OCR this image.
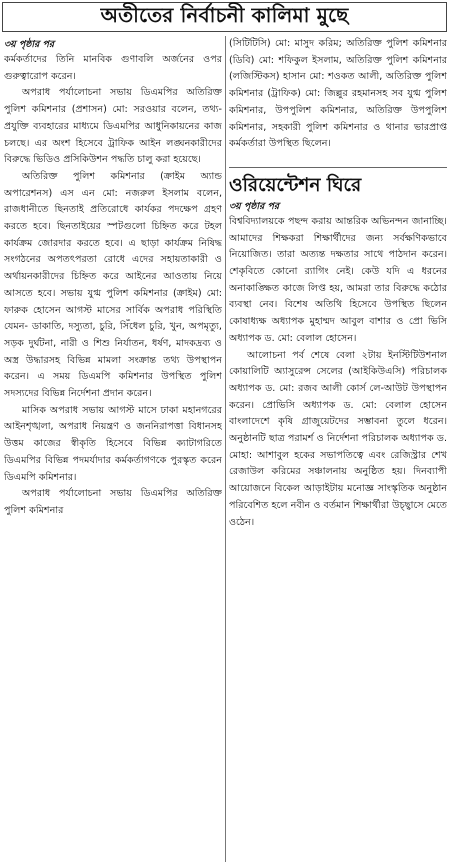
অতীতের নির্বাচনী কালিমা মুছে
৩য় পৃষ্ঠার পর

কর্মকর্তাদের তিনি মানবিক গুণাবলি অর্জনের ওপর গুরুত্বারোপ করেন।

অপরাধ পর্যালোচনা সভায় ডিএমপির অতিরিক্ত পুলিশ কমিশনার (প্রশাসন) মো: সরওয়ার বলেন, তথ্য-প্রযুক্তি ব্যবহারের মাধ্যমে ডিএমপির আধুনিকায়নের কাজ চলছে। এর অংশ হিসেবে ট্রাফিক আইন লঙ্ঘনকারীদের বিরুদ্ধে ভিডিও প্রসিকিউশন পদ্ধতি চালু করা হয়েছে।

অতিরিক্ত পুলিশ কমিশনার (ক্রাইম অ্যান্ড অপারেশনস) এস এন মো: নজরুল ইসলাম বলেন, রাজধানীতে ছিনতাই প্রতিরোধে কার্যকর পদক্ষেপ গ্রহণ করতে হবে। ছিনতাইয়ের স্পটগুলো চিহ্নিত করে টহল কার্যক্রম জোরদার করতে হবে। এ ছাড়া কার্যক্রম নিষিদ্ধ সংগঠনের অপতৎপরতা রোধে এদের সহায়তাকারী ও অর্থায়নকারীদের চিহ্নিত করে আইনের আওতায় নিয়ে আসতে হবে। সভায় যুগ্ম পুলিশ কমিশনার (ক্রাইম) মো: ফারুক হোসেন আগস্ট মাসের সার্বিক অপরাধ পরিস্থিতি যেমন- ডাকাতি, দস্যুতা, চুরি, সিঁধেল চুরি, খুন, অপমৃত্যু, সড়ক দুর্ঘটনা, নারী ও শিশু নির্যাতন, ধর্ষণ, মাদকদ্রব্য ও অস্ত্র উদ্ধারসহ বিভিন্ন মামলা সংক্রান্ত তথ্য উপস্থাপন করেন। এ সময় ডিএমপি কমিশনার উপস্থিত পুলিশ সদস্যদের বিভিন্ন নির্দেশনা প্রদান করেন।

মাসিক অপরাধ সভায় আগস্ট মাসে ঢাকা মহানগরের আইনশৃঙ্খলা, অপরাধ নিয়ন্ত্রণ ও জননিরাপত্তা বিধানসহ উত্তম কাজের স্বীকৃতি হিসেবে বিভিন্ন ক্যাটাগরিতে ডিএমপির বিভিন্ন পদমর্যাদার কর্মকর্তাগণকে পুরস্কৃত করেন ডিএমপি কমিশনার।

অপরাধ পর্যালোচনা সভায় ডিএমপির অতিরিক্ত পুলিশ কমিশনার

(সিটিটিসি) মো: মাসুদ করিম; অতিরিক্ত পুলিশ কমিশনার (ডিবি) মো: শফিকুল ইসলাম, অতিরিক্ত পুলিশ কমিশনার (লজিস্টিকস) হাসান মো: শওকত আলী, অতিরিক্ত পুলিশ কমিশনার (ট্রাফিক) মো: জিল্লুর রহমানসহ সব যুগ্ম পুলিশ কমিশনার, উপপুলিশ কমিশনার, অতিরিক্ত উপপুলিশ কমিশনার, সহকারী পুলিশ কমিশনার ও থানার ভারপ্রাপ্ত কর্মকর্তারা উপস্থিত ছিলেন।

ওরিয়েন্টেশন ঘিরে
৩য় পৃষ্ঠার পর

বিশ্ববিদ্যালয়কে পছন্দ করায় আন্তরিক অভিনন্দন জানাচ্ছি। আমাদের শিক্ষকরা শিক্ষার্থীদের জন্য সর্বক্ষণিকভাবে নিয়োজিত। তারা অত্যন্ত দক্ষতার সাথে পাঠদান করেন। শেকৃবিতে কোনো র‌্যাগিং নেই। কেউ যদি এ ধরনের অনাকাঙ্ক্ষিত কাজে লিপ্ত হয়, আমরা তার বিরুদ্ধে কঠোর ব্যবস্থা নেব। বিশেষ অতিথি হিসেবে উপস্থিত ছিলেন কোষাধ্যক্ষ অধ্যাপক মুহাম্মদ আবুল বাশার ও প্রো ভিসি অধ্যাপক ড. মো: বেলাল হোসেন।

আলোচনা পর্ব শেষে বেলা ২টায় ইনস্টিটিউশনাল কোয়ালিটি অ্যাসুরেন্স সেলের (আইকিউএসি) পরিচালক অধ্যাপক ড. মো: রজব আলী কোর্স লে-আউট উপস্থাপন করেন। প্রোভিসি অধ্যাপক ড. মো: বেলাল হোসেন বাংলাদেশে কৃষি গ্রাজুয়েটদের সম্ভাবনা তুলে ধরেন। অনুষ্ঠানটি ছাত্র পরামর্শ ও নির্দেশনা পরিচালক অধ্যাপক ড. মোহা: আশাবুল হকের সভাপতিত্বে এবং রেজিস্ট্রার শেখ রেজাউল করিমের সঞ্চালনায় অনুষ্ঠিত হয়। দিনব্যাপী আয়োজনে বিকেল আড়াইটায় মনোজ্ঞ সাংস্কৃতিক অনুষ্ঠান পরিবেশিত হলে নবীন ও বর্তমান শিক্ষার্থীরা উচ্ছ্বাসে মেতে ওঠেন।
